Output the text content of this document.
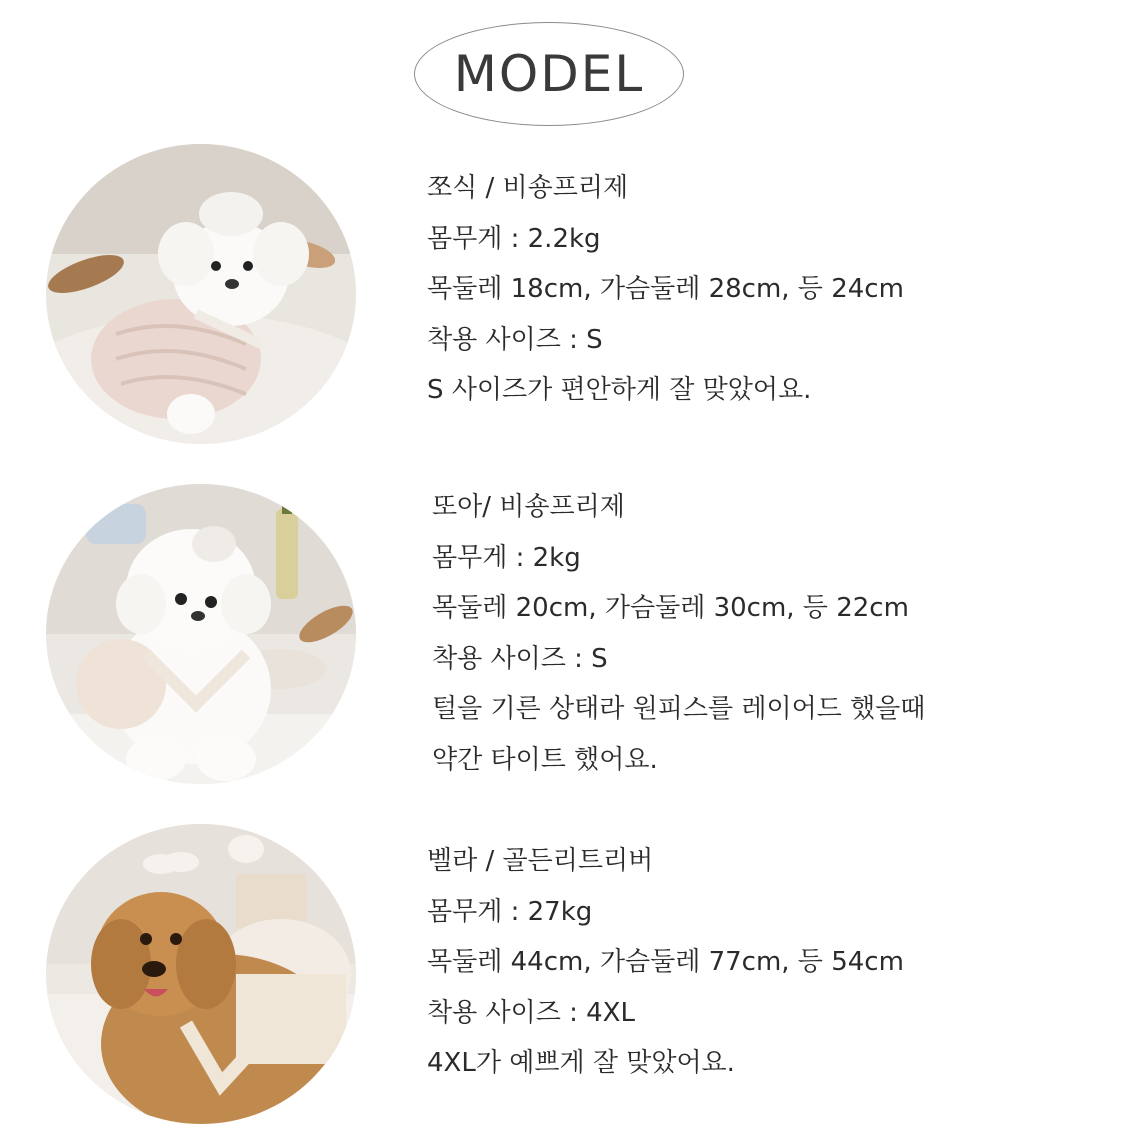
MODEL
쪼식 / 비숑프리제
몸무게 : 2.2kg
목둘레 18cm, 가슴둘레 28cm, 등 24cm
착용 사이즈 : S
S 사이즈가 편안하게 잘 맞았어요.
또아/ 비숑프리제
몸무게 : 2kg
목둘레 20cm, 가슴둘레 30cm, 등 22cm
착용 사이즈 : S
털을 기른 상태라 원피스를 레이어드 했을때
약간 타이트 했어요.
벨라 / 골든리트리버
몸무게 : 27kg
목둘레 44cm, 가슴둘레 77cm, 등 54cm
착용 사이즈 : 4XL
4XL가 예쁘게 잘 맞았어요.
